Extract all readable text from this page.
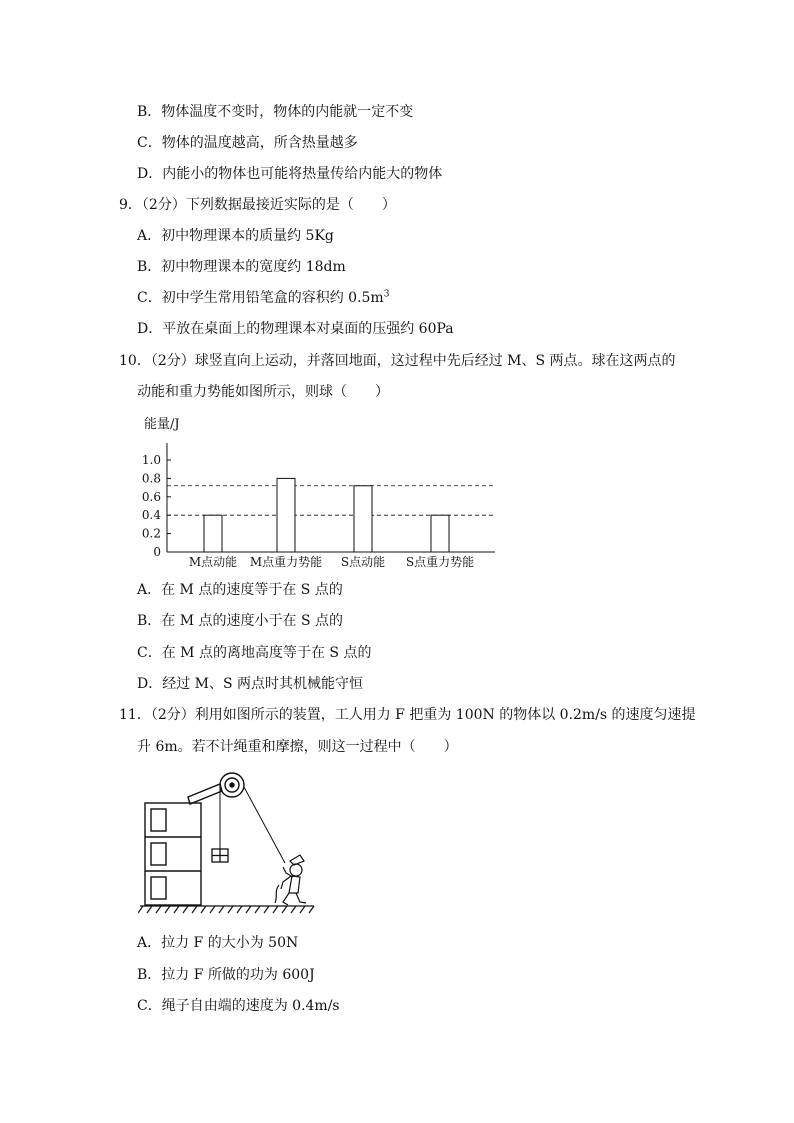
B．物体温度不变时，物体的内能就一定不变
C．物体的温度越高，所含热量越多
D．内能小的物体也可能将热量传给内能大的物体
9．（2分）下列数据最接近实际的是（　　）
A．初中物理课本的质量约 5Kg
B．初中物理课本的宽度约 18dm
C．初中学生常用铅笔盒的容积约 $0.5m^3$
D．平放在桌面上的物理课本对桌面的压强约 60Pa
10．（2分）球竖直向上运动，并落回地面，这过程中先后经过 M、S 两点。球在这两点的
动能和重力势能如图所示，则球（　　）
能量/J
0
0.2
0.4
0.6
0.8
1.0
M点动能 M点重力势能 S点动能 S点重力势能
A．在 M 点的速度等于在 S 点的
B．在 M 点的速度小于在 S 点的
C．在 M 点的离地高度等于在 S 点的
D．经过 M、S 两点时其机械能守恒
11．（2分）利用如图所示的装置，工人用力 F 把重为 100N 的物体以 0.2m/s 的速度匀速提
升 6m。若不计绳重和摩擦，则这一过程中（　　）
A．拉力 F 的大小为 50N
B．拉力 F 所做的功为 600J
C．绳子自由端的速度为 0.4m/s
